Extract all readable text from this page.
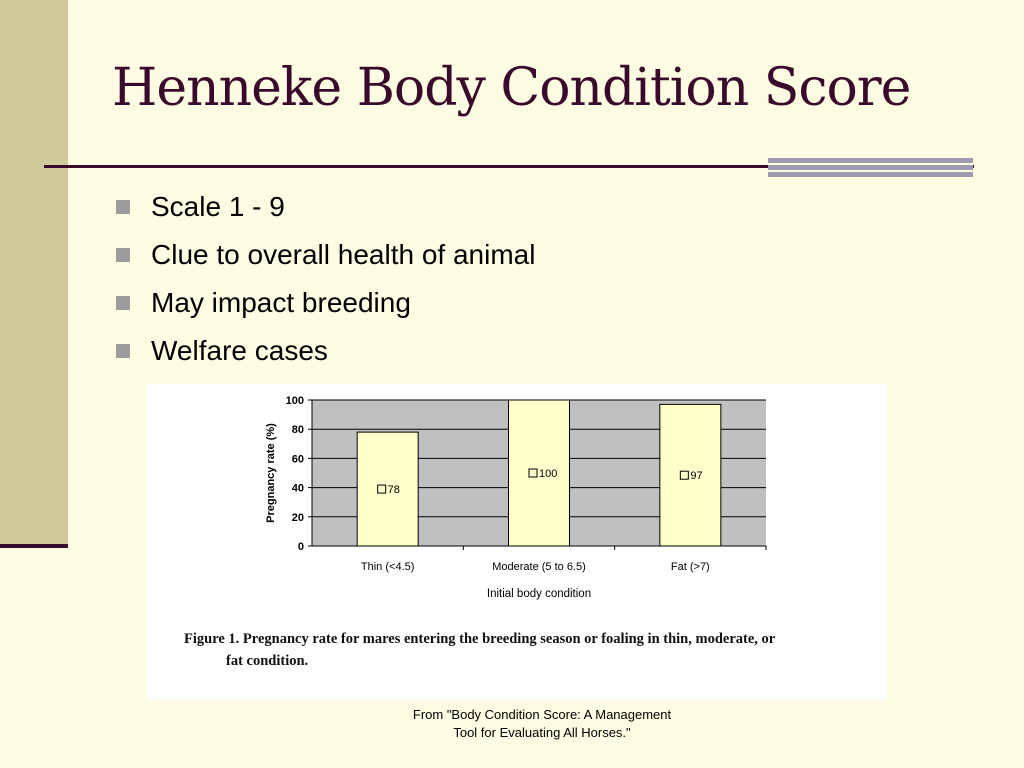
Henneke Body Condition Score
Scale 1 - 9
Clue to overall health of animal
May impact breeding
Welfare cases
0
20
40
60
80
100
Thin (<4.5)
78
Moderate (5 to 6.5)
100
Fat (>7)
97
Initial body condition
Pregnancy rate (%)
Figure 1. Pregnancy rate for mares entering the breeding season or foaling in thin, moderate, or
fat condition.
From "Body Condition Score: A Management
Tool for Evaluating All Horses."
